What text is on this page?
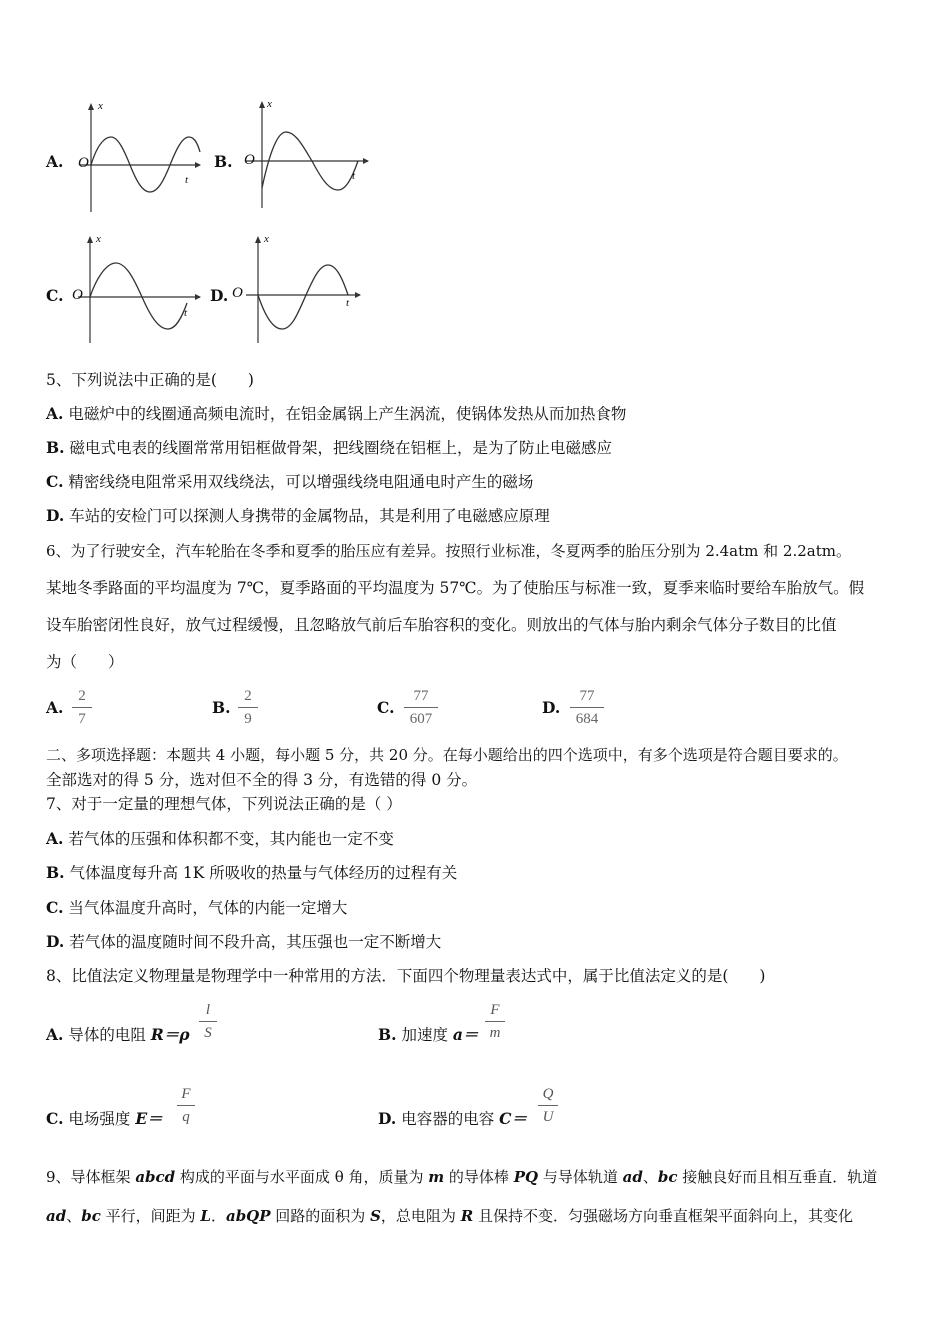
A.
x
O
t
B.
x
O
t
C.
x
O
t
D.
x
O
t
5、下列说法中正确的是(　　)
A. 电磁炉中的线圈通高频电流时，在铝金属锅上产生涡流，使锅体发热从而加热食物
B. 磁电式电表的线圈常常用铝框做骨架，把线圈绕在铝框上，是为了防止电磁感应
C. 精密线绕电阻常采用双线绕法，可以增强线绕电阻通电时产生的磁场
D. 车站的安检门可以探测人身携带的金属物品，其是利用了电磁感应原理
6、为了行驶安全，汽车轮胎在冬季和夏季的胎压应有差异。按照行业标准，冬夏两季的胎压分别为 2.4atm 和 2.2atm。
某地冬季路面的平均温度为 7℃，夏季路面的平均温度为 57℃。为了使胎压与标准一致，夏季来临时要给车胎放气。假
设车胎密闭性良好，放气过程缓慢，且忽略放气前后车胎容积的变化。则放出的气体与胎内剩余气体分子数目的比值
为（　　）
A.
2
7
B.
2
9
C.
77
607
D.
77
684
二、多项选择题：本题共 4 小题，每小题 5 分，共 20 分。在每小题给出的四个选项中，有多个选项是符合题目要求的。
全部选对的得 5 分，选对但不全的得 3 分，有选错的得 0 分。
7、对于一定量的理想气体，下列说法正确的是（ ）
A. 若气体的压强和体积都不变，其内能也一定不变
B. 气体温度每升高 1K 所吸收的热量与气体经历的过程有关
C. 当气体温度升高时，气体的内能一定增大
D. 若气体的温度随时间不段升高，其压强也一定不断增大
8、比值法定义物理量是物理学中一种常用的方法．下面四个物理量表达式中，属于比值法定义的是(　　)
A. 导体的电阻 R＝ρ
l
S	B. 加速度 a＝
F
m
C. 电场强度 E＝
F
q	D. 电容器的电容 C＝
Q
U
9、导体框架 abcd 构成的平面与水平面成 θ 角，质量为 m 的导体棒 PQ 与导体轨道 ad、bc 接触良好而且相互垂直．轨道
ad、bc 平行，间距为 L．abQP 回路的面积为 S，总电阻为 R 且保持不变．匀强磁场方向垂直框架平面斜向上，其变化
